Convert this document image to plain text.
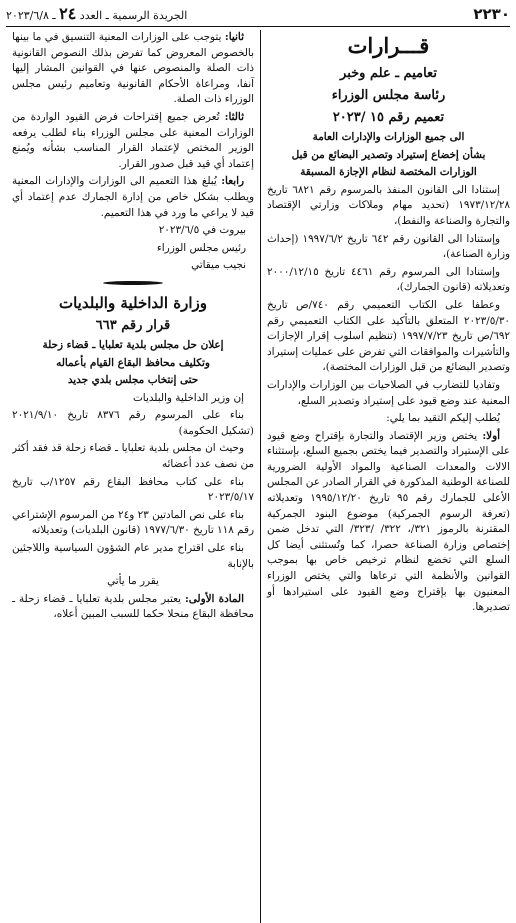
٢٢٣٠
الجريدة الرسمية ـ العدد ٢٤ ـ ٢٠٢٣/٦/٨

قـــرارات

تعاميم ـ علم وخبر

رئاسة مجلس الوزراء

تعميم رقم ١٥ /٢٠٢٣

الى جميع الوزارات والإدارات العامة

بشأن إخضاع إستيراد وتصدير البضائع من قبل

الوزارات المختصة لنظام الإجازة المسبقة

إستنادا الى القانون المنفذ بالمرسوم رقم ٦٨٢١ تاريخ ١٩٧٣/١٢/٢٨ (تحديد مهام وملاكات وزارتي الإقتصاد والتجارة والصناعة والنفط)،

وإستنادا الى القانون رقم ٦٤٢ تاريخ ١٩٩٧/٦/٢ (إحداث وزارة الصناعة)،

وإستنادا الى المرسوم رقم ٤٤٦١ تاريخ ٢٠٠٠/١٢/١٥ وتعديلاته (قانون الجمارك)،

وعطفا على الكتاب التعميمي رقم ٧٤٠/ص تاريخ ٢٠٢٣/٥/٣٠ المتعلق بالتأكيد على الكتاب التعميمي رقم ٦٩٢/ص تاريخ ١٩٩٧/٧/٢٣ (تنظيم اسلوب إقرار الإجازات والتأشيرات والموافقات التي تفرض على عمليات إستيراد وتصدير البضائع من قبل الوزارات المختصة)،

وتفاديا للتضارب في الصلاحيات بين الوزارات والإدارات المعنية عند وضع قيود على إستيراد وتصدير السلع،

يُطلب إليكم التقيد بما يلي:

أولا: يختص وزير الإقتصاد والتجارة بإقتراح وضع قيود على الإستيراد والتصدير فيما يختص بجميع السلع، بإستثناء الالات والمعدات الصناعية والمواد الأولية الضرورية للصناعة الوطنية المذكورة في القرار الصادر عن المجلس الأعلى للجمارك رقم ٩٥ تاريخ ١٩٩٥/١٢/٢٠ وتعديلاته (تعرفة الرسوم الجمركية) موضوع البنود الجمركية المقترنة بالرموز ٣٢١/، ٣٢٢/ /٣٢٣/ التي تدخل ضمن إختصاص وزارة الصناعة حصرا، كما وتُستثنى أيضا كل السلع التي تخضع لنظام ترخيص خاص بها بموجب القوانين والأنظمة التي ترعاها والتي يختص الوزراء المعنيون بها بإقتراح وضع القيود على استيرادها أو تصديرها.

ثانيا: يتوجب على الوزارات المعنية التنسيق في ما بينها بالخصوص المعروض كما تفرض بذلك النصوص القانونية ذات الصلة والمنصوص عنها في القوانين المشار إليها آنفا، ومراعاة الأحكام القانونية وتعاميم رئيس مجلس الوزراء ذات الصلة.

ثالثا: تُعرض جميع إقتراحات فرض القيود الواردة من الوزارات المعنية على مجلس الوزراء بناء لطلب يرفعه الوزير المختص لإعتماد القرار المناسب بشأنه ويُمنع إعتماد أي قيد قبل صدور القرار.

رابعا: يُبلغ هذا التعميم الى الوزارات والإدارات المعنية ويطلب بشكل خاص من إدارة الجمارك عدم إعتماد أي قيد لا يراعي ما ورد في هذا التعميم.

بيروت في ٢٠٢٣/٦/٥

رئيس مجلس الوزراء

نجيب ميقاتي

وزارة الداخلية والبلديات

قرار رقم ٦٦٣

إعلان حل مجلس بلدية تعلبايا ـ قضاء زحلة

وتكليف محافظ البقاع القيام بأعماله

حتى إنتخاب مجلس بلدي جديد

إن وزير الداخلية والبلديات

بناء على المرسوم رقم ٨٣٧٦ تاريخ ٢٠٢١/٩/١٠ (تشكيل الحكومة)

وحيث ان مجلس بلدية تعلبايا ـ قضاء زحلة قد فقد أكثر من نصف عدد أعضائه

بناء على كتاب محافظ البقاع رقم ١٢٥٧/ب تاريخ ٢٠٢٣/٥/١٧

بناء على نص المادتين ٢٣ و٢٤ من المرسوم الإشتراعي رقم ١١٨ تاريخ ١٩٧٧/٦/٣٠ (قانون البلديات) وتعديلاته

بناء على اقتراح مدير عام الشؤون السياسية واللاجئين بالإنابة

يقرر ما يأتي

المادة الأولى: يعتبر مجلس بلدية تعلبايا ـ قضاء زحلة ـ محافظة البقاع منحلا حكما للسبب المبين أعلاه،
